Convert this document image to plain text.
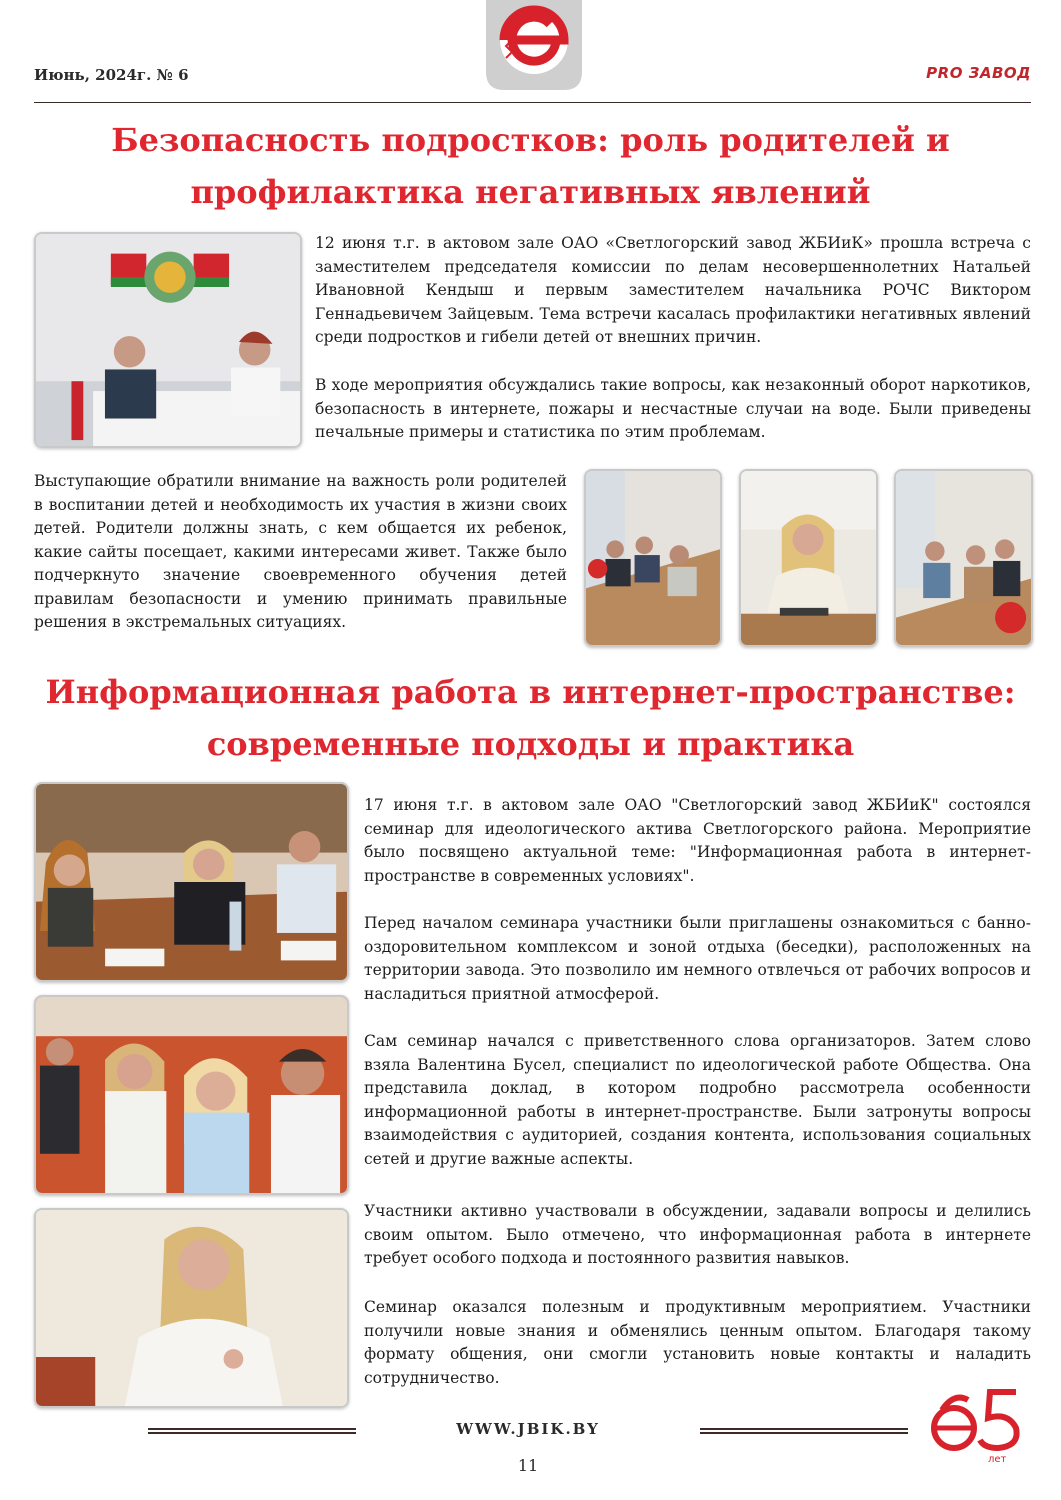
Июнь, 2024г. № 6	PRO ЗАВОД
Безопасность подростков: роль родителей и
профилактика негативных явлений
12 июня т.г. в актовом зале ОАО «Светлогорский завод ЖБИиК» прошла встреча с заместителем председателя комиссии по делам несовершеннолетних Натальей Ивановной Кендыш и первым заместителем начальника РОЧС Виктором Геннадьевичем Зайцевым. Тема встречи касалась профилактики негативных явлений среди подростков и гибели детей от внешних причин.
В ходе мероприятия обсуждались такие вопросы, как незаконный оборот наркотиков, безопасность в интернете, пожары и несчастные случаи на воде. Были приведены печальные примеры и статистика по этим проблемам.
Выступающие обратили внимание на важность роли родителей в воспитании детей и необходимость их участия в жизни своих детей. Родители должны знать, с кем общается их ребенок, какие сайты посещает, какими интересами живет. Также было подчеркнуто значение своевременного обучения детей правилам безопасности и умению принимать правильные решения в экстремальных ситуациях.
Информационная работа в интернет-пространстве:
современные подходы и практика
17 июня т.г. в актовом зале ОАО "Светлогорский завод ЖБИиК" состоялся семинар для идеологического актива Светлогорского района. Мероприятие было посвящено актуальной теме: "Информационная работа в интернет-пространстве в современных условиях".
Перед началом семинара участники были приглашены ознакомиться с банно-оздоровительном комплексом и зоной отдыха (беседки), расположенных на территории завода. Это позволило им немного отвлечься от рабочих вопросов и насладиться приятной атмосферой.
Сам семинар начался с приветственного слова организаторов. Затем слово взяла Валентина Бусел, специалист по идеологической работе Общества. Она представила доклад, в котором подробно рассмотрела особенности информационной работы в интернет-пространстве. Были затронуты вопросы взаимодействия с аудиторией, создания контента, использования социальных сетей и другие важные аспекты.
Участники активно участвовали в обсуждении, задавали вопросы и делились своим опытом. Было отмечено, что информационная работа в интернете требует особого подхода и постоянного развития навыков.
Семинар оказался полезным и продуктивным мероприятием. Участники получили новые знания и обменялись ценным опытом. Благодаря такому формату общения, они смогли установить новые контакты и наладить сотрудничество.
WWW.JBIK.BY
11	лет
